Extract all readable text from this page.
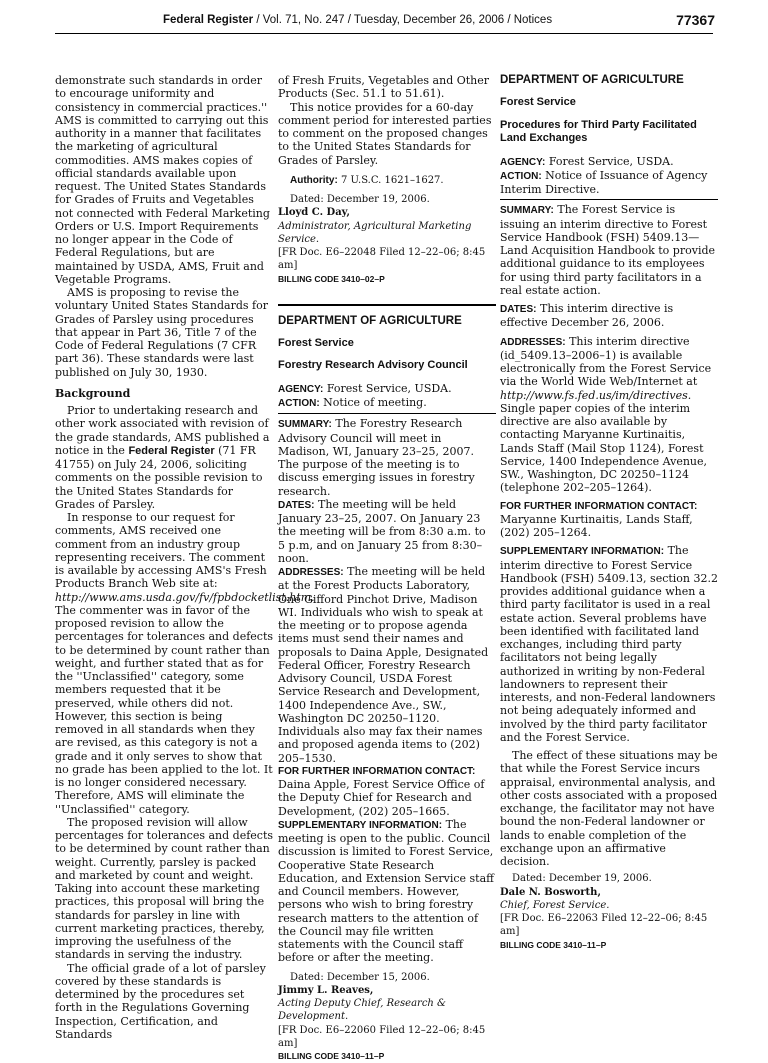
Federal Register / Vol. 71, No. 247 / Tuesday, December 26, 2006 / Notices	77367

demonstrate such standards in order to encourage uniformity and consistency in commercial practices.'' AMS is committed to carrying out this authority in a manner that facilitates the marketing of agricultural commodities. AMS makes copies of official standards available upon request. The United States Standards for Grades of Fruits and Vegetables not connected with Federal Marketing Orders or U.S. Import Requirements no longer appear in the Code of Federal Regulations, but are maintained by USDA, AMS, Fruit and Vegetable Programs.

AMS is proposing to revise the voluntary United States Standards for Grades of Parsley using procedures that appear in Part 36, Title 7 of the Code of Federal Regulations (7 CFR part 36). These standards were last published on July 30, 1930.

Background

Prior to undertaking research and other work associated with revision of the grade standards, AMS published a notice in the Federal Register (71 FR 41755) on July 24, 2006, soliciting comments on the possible revision to the United States Standards for Grades of Parsley.

In response to our request for comments, AMS received one comment from an industry group representing receivers. The comment is available by accessing AMS's Fresh Products Branch Web site at: http://www.ams.usda.gov/fv/fpbdocketlist.htm. The commenter was in favor of the proposed revision to allow the percentages for tolerances and defects to be determined by count rather than weight, and further stated that as for the ''Unclassified'' category, some members requested that it be preserved, while others did not. However, this section is being removed in all standards when they are revised, as this category is not a grade and it only serves to show that no grade has been applied to the lot. It is no longer considered necessary. Therefore, AMS will eliminate the ''Unclassified'' category.

The proposed revision will allow percentages for tolerances and defects to be determined by count rather than weight. Currently, parsley is packed and marketed by count and weight. Taking into account these marketing practices, this proposal will bring the standards for parsley in line with current marketing practices, thereby, improving the usefulness of the standards in serving the industry.

The official grade of a lot of parsley covered by these standards is determined by the procedures set forth in the Regulations Governing Inspection, Certification, and Standards

of Fresh Fruits, Vegetables and Other Products (Sec. 51.1 to 51.61).

This notice provides for a 60-day comment period for interested parties to comment on the proposed changes to the United States Standards for Grades of Parsley.

Authority: 7 U.S.C. 1621–1627.

Dated: December 19, 2006.

Lloyd C. Day,

Administrator, Agricultural Marketing Service.

[FR Doc. E6–22048 Filed 12–22–06; 8:45 am]

BILLING CODE 3410–02–P

DEPARTMENT OF AGRICULTURE

Forest Service

Forestry Research Advisory Council

AGENCY: Forest Service, USDA.

ACTION: Notice of meeting.

SUMMARY: The Forestry Research Advisory Council will meet in Madison, WI, January 23–25, 2007. The purpose of the meeting is to discuss emerging issues in forestry research.

DATES: The meeting will be held January 23–25, 2007. On January 23 the meeting will be from 8:30 a.m. to 5 p.m, and on January 25 from 8:30–noon.

ADDRESSES: The meeting will be held at the Forest Products Laboratory, One Gifford Pinchot Drive, Madison WI. Individuals who wish to speak at the meeting or to propose agenda items must send their names and proposals to Daina Apple, Designated Federal Officer, Forestry Research Advisory Council, USDA Forest Service Research and Development, 1400 Independence Ave., SW., Washington DC 20250–1120. Individuals also may fax their names and proposed agenda items to (202) 205–1530.

FOR FURTHER INFORMATION CONTACT:

Daina Apple, Forest Service Office of the Deputy Chief for Research and Development, (202) 205–1665.

SUPPLEMENTARY INFORMATION: The meeting is open to the public. Council discussion is limited to Forest Service, Cooperative State Research Education, and Extension Service staff and Council members. However, persons who wish to bring forestry research matters to the attention of the Council may file written statements with the Council staff before or after the meeting.

Dated: December 15, 2006.

Jimmy L. Reaves,

Acting Deputy Chief, Research & Development.

[FR Doc. E6–22060 Filed 12–22–06; 8:45 am]

BILLING CODE 3410–11–P

DEPARTMENT OF AGRICULTURE

Forest Service

Procedures for Third Party Facilitated Land Exchanges

AGENCY: Forest Service, USDA.

ACTION: Notice of Issuance of Agency Interim Directive.

SUMMARY: The Forest Service is issuing an interim directive to Forest Service Handbook (FSH) 5409.13—Land Acquisition Handbook to provide additional guidance to its employees for using third party facilitators in a real estate action.

DATES: This interim directive is effective December 26, 2006.

ADDRESSES: This interim directive (id_5409.13–2006–1) is available electronically from the Forest Service via the World Wide Web/Internet at http://www.fs.fed.us/im/directives. Single paper copies of the interim directive are also available by contacting Maryanne Kurtinaitis, Lands Staff (Mail Stop 1124), Forest Service, 1400 Independence Avenue, SW., Washington, DC 20250–1124 (telephone 202–205–1264).

FOR FURTHER INFORMATION CONTACT:

Maryanne Kurtinaitis, Lands Staff, (202) 205–1264.

SUPPLEMENTARY INFORMATION: The interim directive to Forest Service Handbook (FSH) 5409.13, section 32.2 provides additional guidance when a third party facilitator is used in a real estate action. Several problems have been identified with facilitated land exchanges, including third party facilitators not being legally authorized in writing by non-Federal landowners to represent their interests, and non-Federal landowners not being adequately informed and involved by the third party facilitator and the Forest Service.

The effect of these situations may be that while the Forest Service incurs appraisal, environmental analysis, and other costs associated with a proposed exchange, the facilitator may not have bound the non-Federal landowner or lands to enable completion of the exchange upon an affirmative decision.

Dated: December 19, 2006.

Dale N. Bosworth,

Chief, Forest Service.

[FR Doc. E6–22063 Filed 12–22–06; 8:45 am]

BILLING CODE 3410–11–P
